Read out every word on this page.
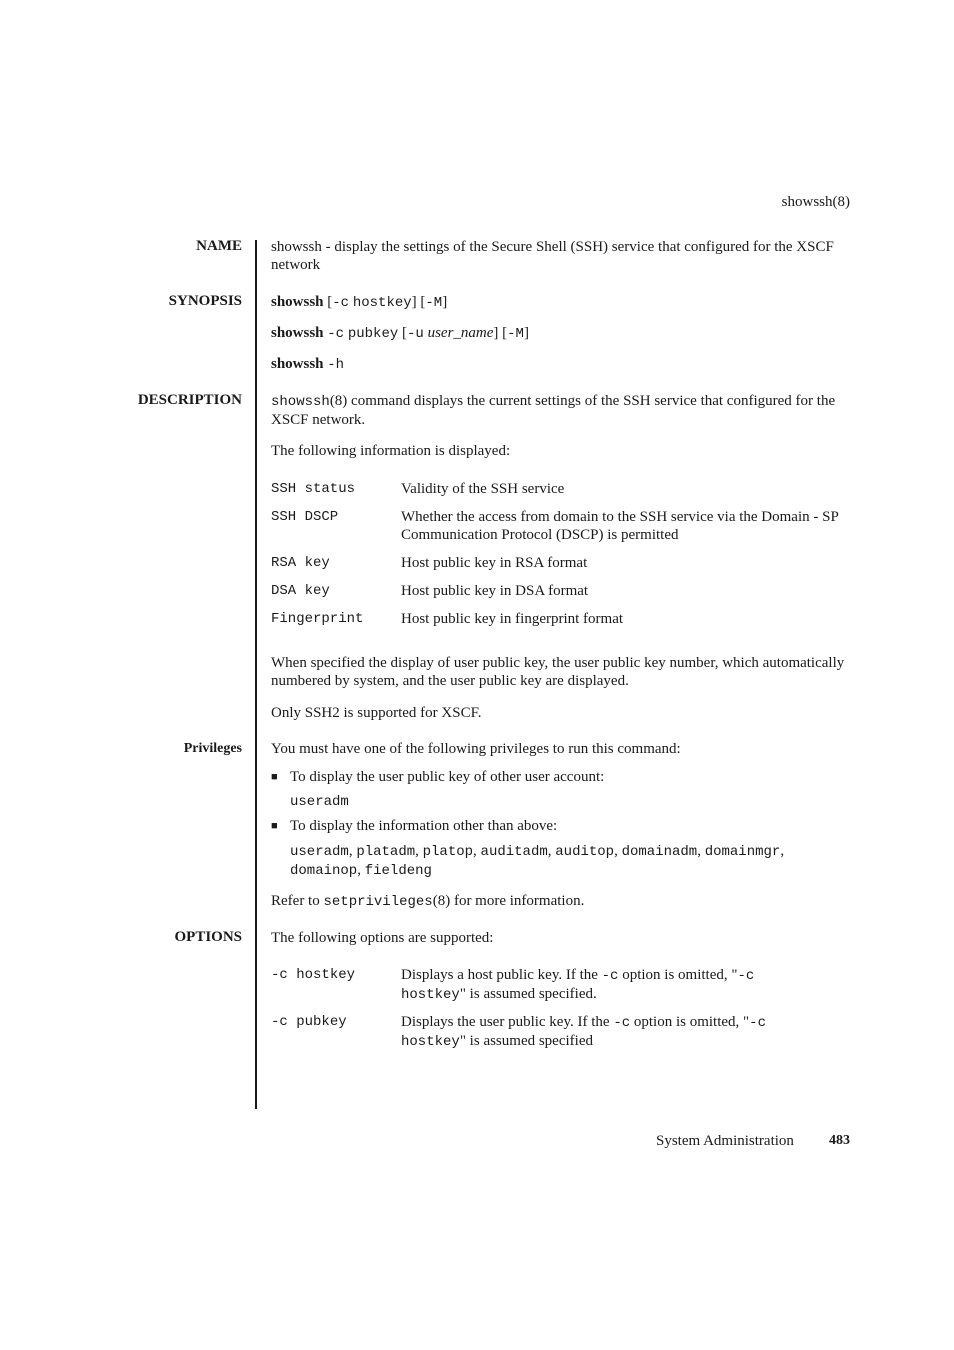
showssh(8)
NAME showssh - display the settings of the Secure Shell (SSH) service that configured for the XSCF network
SYNOPSIS showssh [-c hostkey] [-M]
showssh -c pubkey [-u user_name] [-M]
showssh -h
DESCRIPTION showssh(8) command displays the current settings of the SSH service that configured for the XSCF network.
The following information is displayed:
SSH status	Validity of the SSH service
SSH DSCP	Whether the access from domain to the SSH service via the Domain - SP Communication Protocol (DSCP) is permitted
RSA key	Host public key in RSA format
DSA key	Host public key in DSA format
Fingerprint	Host public key in fingerprint format
When specified the display of user public key, the user public key number, which automatically numbered by system, and the user public key are displayed.
Only SSH2 is supported for XSCF.
Privileges You must have one of the following privileges to run this command:
■ To display the user public key of other user account:
useradm
■ To display the information other than above:
useradm, platadm, platop, auditadm, auditop, domainadm, domainmgr,
domainop, fieldeng
Refer to setprivileges(8) for more information.
OPTIONS The following options are supported:
-c hostkey	Displays a host public key. If the -c option is omitted, "-c
hostkey" is assumed specified.
-c pubkey	Displays the user public key. If the -c option is omitted, "-c
hostkey" is assumed specified
System Administration	483
